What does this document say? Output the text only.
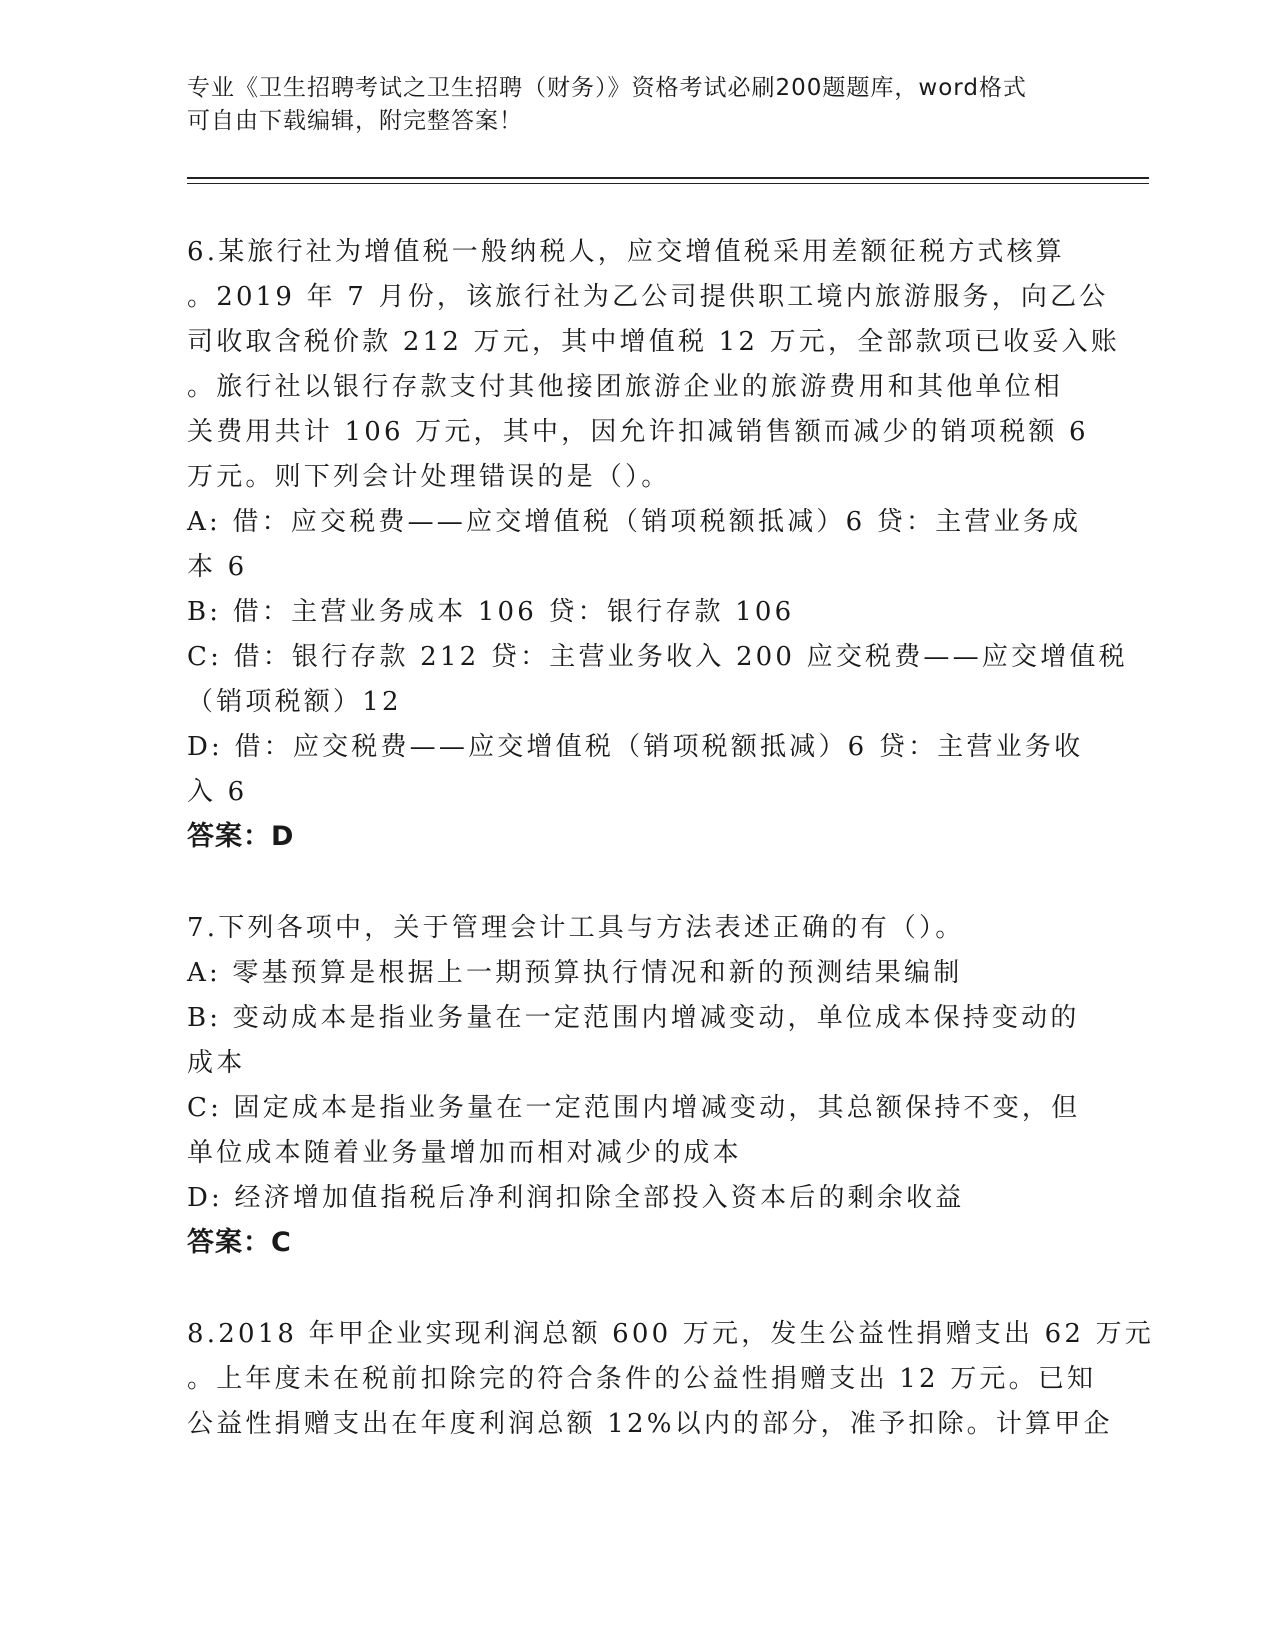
专业《卫生招聘考试之卫生招聘（财务）》资格考试必刷200题题库，word格式
可自由下载编辑，附完整答案！
6.某旅行社为增值税一般纳税人，应交增值税采用差额征税方式核算
。2019 年 7 月份，该旅行社为乙公司提供职工境内旅游服务，向乙公
司收取含税价款 212 万元，其中增值税 12 万元，全部款项已收妥入账
。旅行社以银行存款支付其他接团旅游企业的旅游费用和其他单位相
关费用共计 106 万元，其中，因允许扣减销售额而减少的销项税额 6
万元。则下列会计处理错误的是（）。
A: 借：应交税费——应交增值税（销项税额抵减）6 贷：主营业务成
本 6
B: 借：主营业务成本 106 贷：银行存款 106
C: 借：银行存款 212 贷：主营业务收入 200 应交税费——应交增值税
（销项税额）12
D: 借：应交税费——应交增值税（销项税额抵减）6 贷：主营业务收
入 6
答案：D
7.下列各项中，关于管理会计工具与方法表述正确的有（）。
A: 零基预算是根据上一期预算执行情况和新的预测结果编制
B: 变动成本是指业务量在一定范围内增减变动，单位成本保持变动的
成本
C: 固定成本是指业务量在一定范围内增减变动，其总额保持不变，但
单位成本随着业务量增加而相对减少的成本
D: 经济增加值指税后净利润扣除全部投入资本后的剩余收益
答案：C
8.2018 年甲企业实现利润总额 600 万元，发生公益性捐赠支出 62 万元
。上年度未在税前扣除完的符合条件的公益性捐赠支出 12 万元。已知
公益性捐赠支出在年度利润总额 12%以内的部分，准予扣除。计算甲企
